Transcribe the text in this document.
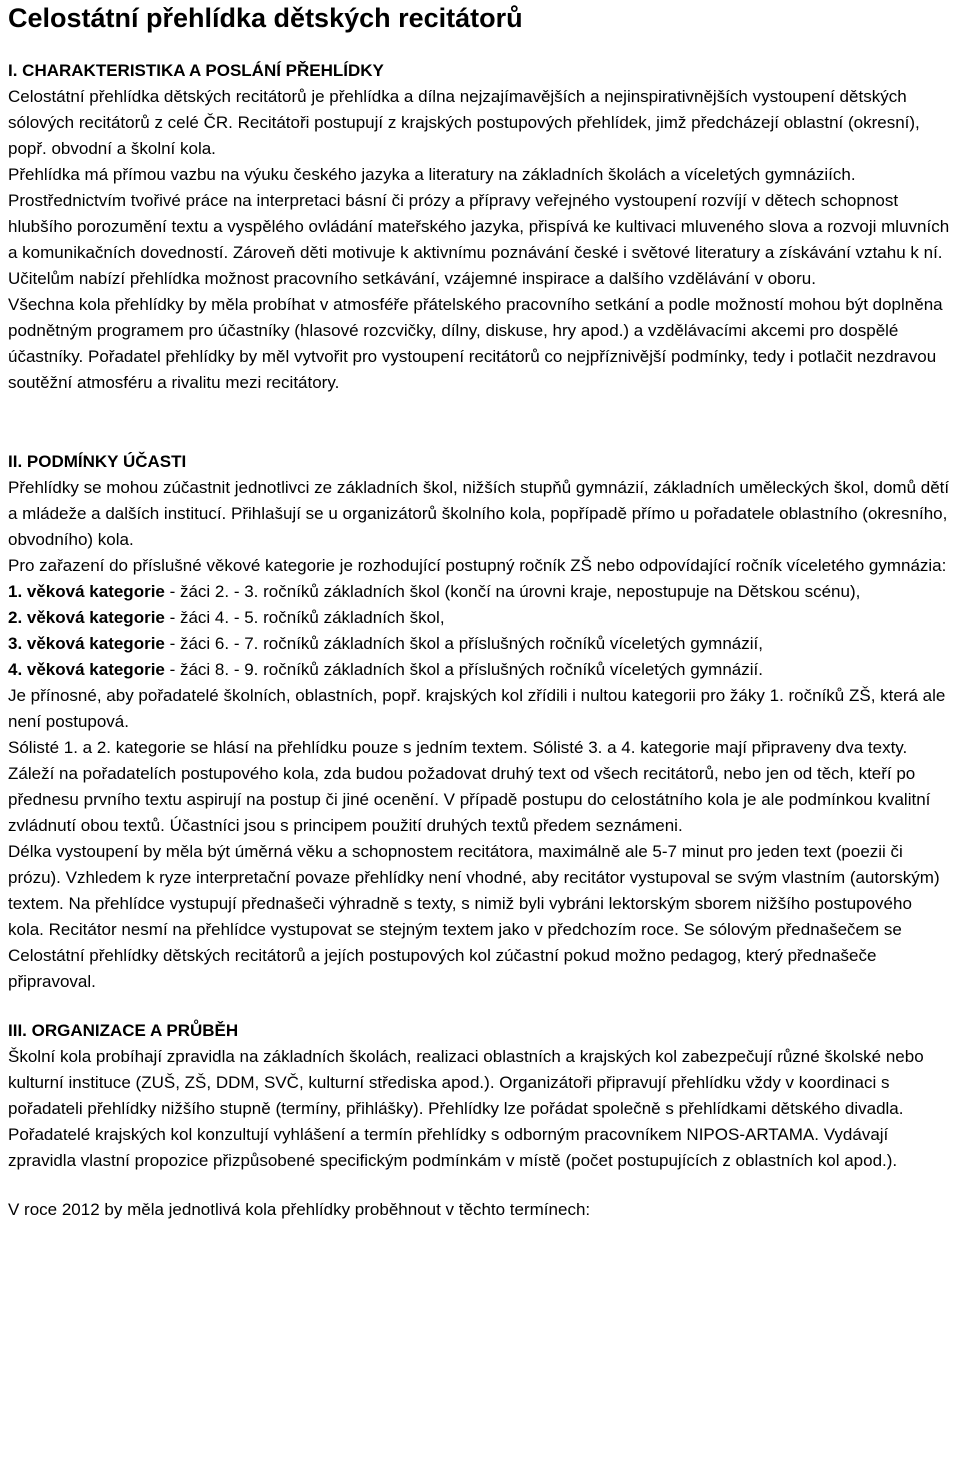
Celostátní přehlídka dětských recitátorů

I. CHARAKTERISTIKA A POSLÁNÍ PŘEHLÍDKY

Celostátní přehlídka dětských recitátorů je přehlídka a dílna nejzajímavějších a nejinspirativnějších vystoupení dětských sólových recitátorů z celé ČR. Recitátoři postupují z krajských postupových přehlídek, jimž předcházejí oblastní (okresní), popř. obvodní a školní kola.

Přehlídka má přímou vazbu na výuku českého jazyka a literatury na základních školách a víceletých gymnáziích. Prostřednictvím tvořivé práce na interpretaci básní či prózy a přípravy veřejného vystoupení rozvíjí v dětech schopnost hlubšího porozumění textu a vyspělého ovládání mateřského jazyka, přispívá ke kultivaci mluveného slova a rozvoji mluvních a komunikačních dovedností. Zároveň děti motivuje k aktivnímu poznávání české i světové literatury a získávání vztahu k ní.

Učitelům nabízí přehlídka možnost pracovního setkávání, vzájemné inspirace a dalšího vzdělávání v oboru.

Všechna kola přehlídky by měla probíhat v atmosféře přátelského pracovního setkání a podle možností mohou být doplněna podnětným programem pro účastníky (hlasové rozcvičky, dílny, diskuse, hry apod.) a vzdělávacími akcemi pro dospělé účastníky. Pořadatel přehlídky by měl vytvořit pro vystoupení recitátorů co nejpříznivější podmínky, tedy i potlačit nezdravou soutěžní atmosféru a rivalitu mezi recitátory.

II. PODMÍNKY ÚČASTI

Přehlídky se mohou zúčastnit jednotlivci ze základních škol, nižších stupňů gymnázií, základních uměleckých škol, domů dětí a mládeže a dalších institucí. Přihlašují se u organizátorů školního kola, popřípadě přímo u pořadatele oblastního (okresního, obvodního) kola.

Pro zařazení do příslušné věkové kategorie je rozhodující postupný ročník ZŠ nebo odpovídající ročník víceletého gymnázia:

1. věková kategorie - žáci 2. - 3. ročníků základních škol (končí na úrovni kraje, nepostupuje na Dětskou scénu),

2. věková kategorie - žáci 4. - 5. ročníků základních škol,

3. věková kategorie - žáci 6. - 7. ročníků základních škol a příslušných ročníků víceletých gymnázií,

4. věková kategorie - žáci 8. - 9. ročníků základních škol a příslušných ročníků víceletých gymnázií.

Je přínosné, aby pořadatelé školních, oblastních, popř. krajských kol zřídili i nultou kategorii pro žáky 1. ročníků ZŠ, která ale není postupová.

Sólisté 1. a 2. kategorie se hlásí na přehlídku pouze s jedním textem. Sólisté 3. a 4. kategorie mají připraveny dva texty. Záleží na pořadatelích postupového kola, zda budou požadovat druhý text od všech recitátorů, nebo jen od těch, kteří po přednesu prvního textu aspirují na postup či jiné ocenění. V případě postupu do celostátního kola je ale podmínkou kvalitní zvládnutí obou textů. Účastníci jsou s principem použití druhých textů předem seznámeni.

Délka vystoupení by měla být úměrná věku a schopnostem recitátora, maximálně ale 5-7 minut pro jeden text (poezii či prózu). Vzhledem k ryze interpretační povaze přehlídky není vhodné, aby recitátor vystupoval se svým vlastním (autorským) textem. Na přehlídce vystupují přednašeči výhradně s texty, s nimiž byli vybráni lektorským sborem nižšího postupového kola. Recitátor nesmí na přehlídce vystupovat se stejným textem jako v předchozím roce. Se sólovým přednašečem se Celostátní přehlídky dětských recitátorů a jejích postupových kol zúčastní pokud možno pedagog, který přednašeče připravoval.

III. ORGANIZACE A PRŮBĚH

Školní kola probíhají zpravidla na základních školách, realizaci oblastních a krajských kol zabezpečují různé školské nebo kulturní instituce (ZUŠ, ZŠ, DDM, SVČ, kulturní střediska apod.). Organizátoři připravují přehlídku vždy v koordinaci s pořadateli přehlídky nižšího stupně (termíny, přihlášky). Přehlídky lze pořádat společně s přehlídkami dětského divadla. Pořadatelé krajských kol konzultují vyhlášení a termín přehlídky s odborným pracovníkem NIPOS-ARTAMA. Vydávají zpravidla vlastní propozice přizpůsobené specifickým podmínkám v místě (počet postupujících z oblastních kol apod.).

V roce 2012 by měla jednotlivá kola přehlídky proběhnout v těchto termínech:
